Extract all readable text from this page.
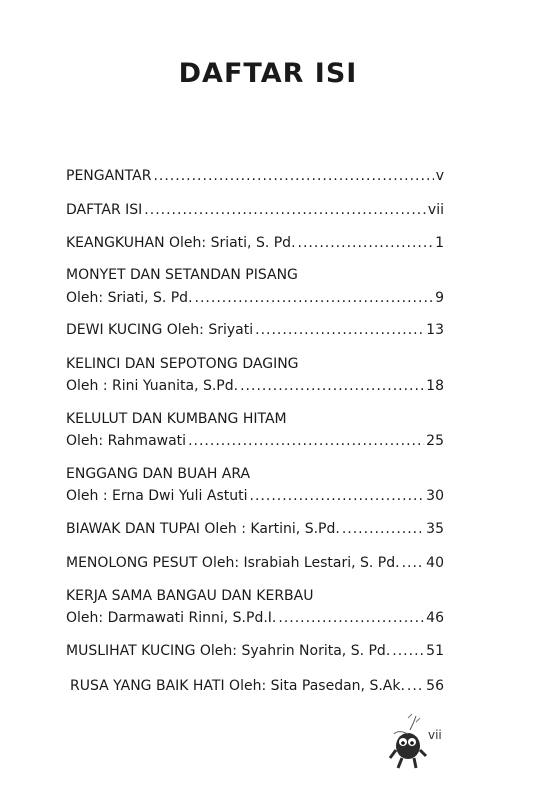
DAFTAR ISI
PENGANTAR .....	v
DAFTAR ISI .....	vii
KEANGKUHAN Oleh: Sriati, S. Pd. .....	1
MONYET DAN SETANDAN PISANG
Oleh: Sriati, S. Pd. .....	9
DEWI KUCING Oleh: Sriyati .....	13
KELINCI DAN SEPOTONG DAGING
Oleh : Rini Yuanita, S.Pd. .....	18
KELULUT DAN KUMBANG HITAM
Oleh: Rahmawati .....	25
ENGGANG DAN BUAH ARA
Oleh : Erna Dwi Yuli Astuti .....	30
BIAWAK DAN TUPAI Oleh : Kartini, S.Pd. .....	35
MENOLONG PESUT Oleh: Israbiah Lestari, S. Pd. ..... 40
KERJA SAMA BANGAU DAN KERBAU
Oleh: Darmawati Rinni, S.Pd.I. .....	46
MUSLIHAT KUCING Oleh: Syahrin Norita, S. Pd. .....	51
RUSA YANG BAIK HATI Oleh: Sita Pasedan, S.Ak. ..... 56
vii
